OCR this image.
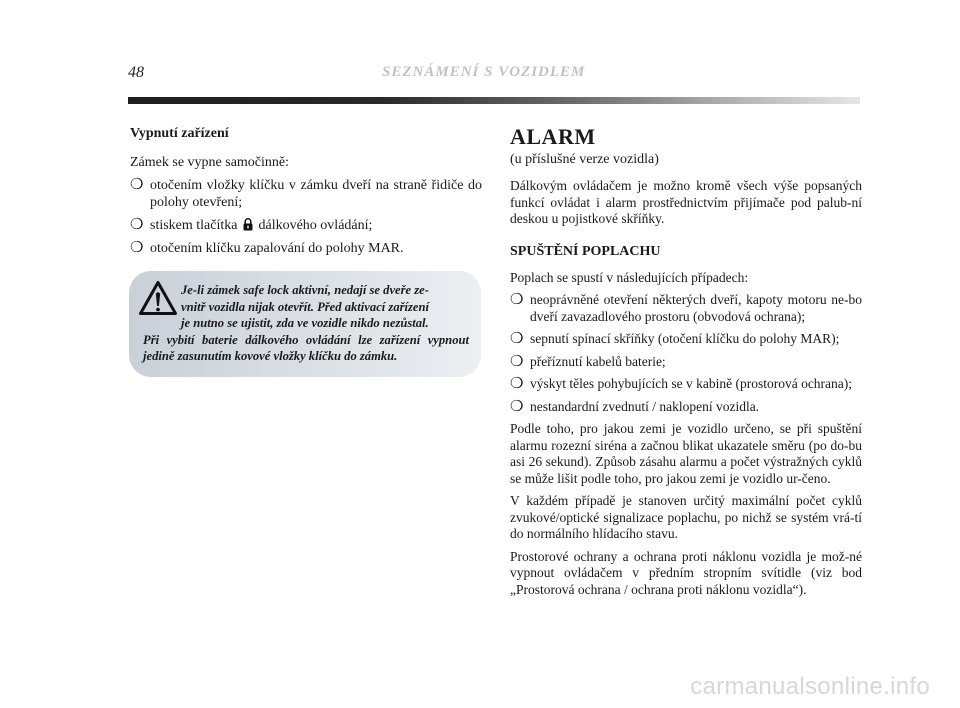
48	SEZNÁMENÍ S VOZIDLEM
Vypnutí zařízení

Zámek se vypne samočinně:

❍ otočením vložky klíčku v zámku dveří na straně řidiče do polohy otevření;
❍ stiskem tlačítka dálkového ovládání;
❍ otočením klíčku zapalování do polohy MAR.
Je-li zámek safe lock aktivní, nedají se dveře ze-
vnitř vozidla nijak otevřít. Před aktivací zařízení
je nutno se ujistit, zda ve vozidle nikdo nezůstal.
Při vybití baterie dálkového ovládání lze zařízení vypnout jedině zasunutím kovové vložky klíčku do zámku.
ALARM
(u příslušné verze vozidla)

Dálkovým ovládačem je možno kromě všech výše popsaných funkcí ovládat i alarm prostřednictvím přijímače pod palub-ní deskou u pojistkové skříňky.

SPUŠTĚNÍ POPLACHU

Poplach se spustí v následujících případech:

❍ neoprávněné otevření některých dveří, kapoty motoru ne-bo dveří zavazadlového prostoru (obvodová ochrana);
❍ sepnutí spínací skříňky (otočení klíčku do polohy MAR);
❍ přeříznutí kabelů baterie;
❍ výskyt těles pohybujících se v kabině (prostorová ochrana);
❍ nestandardní zvednutí / naklopení vozidla.

Podle toho, pro jakou zemi je vozidlo určeno, se při spuštění alarmu rozezní siréna a začnou blikat ukazatele směru (po do-bu asi 26 sekund). Způsob zásahu alarmu a počet výstražných cyklů se může lišit podle toho, pro jakou zemi je vozidlo ur-čeno.

V každém případě je stanoven určitý maximální počet cyklů zvukové/optické signalizace poplachu, po nichž se systém vrá-tí do normálního hlídacího stavu.

Prostorové ochrany a ochrana proti náklonu vozidla je mož-né vypnout ovládačem v předním stropním svítidle (viz bod „Prostorová ochrana / ochrana proti náklonu vozidla“).

carmanualsonline.info
